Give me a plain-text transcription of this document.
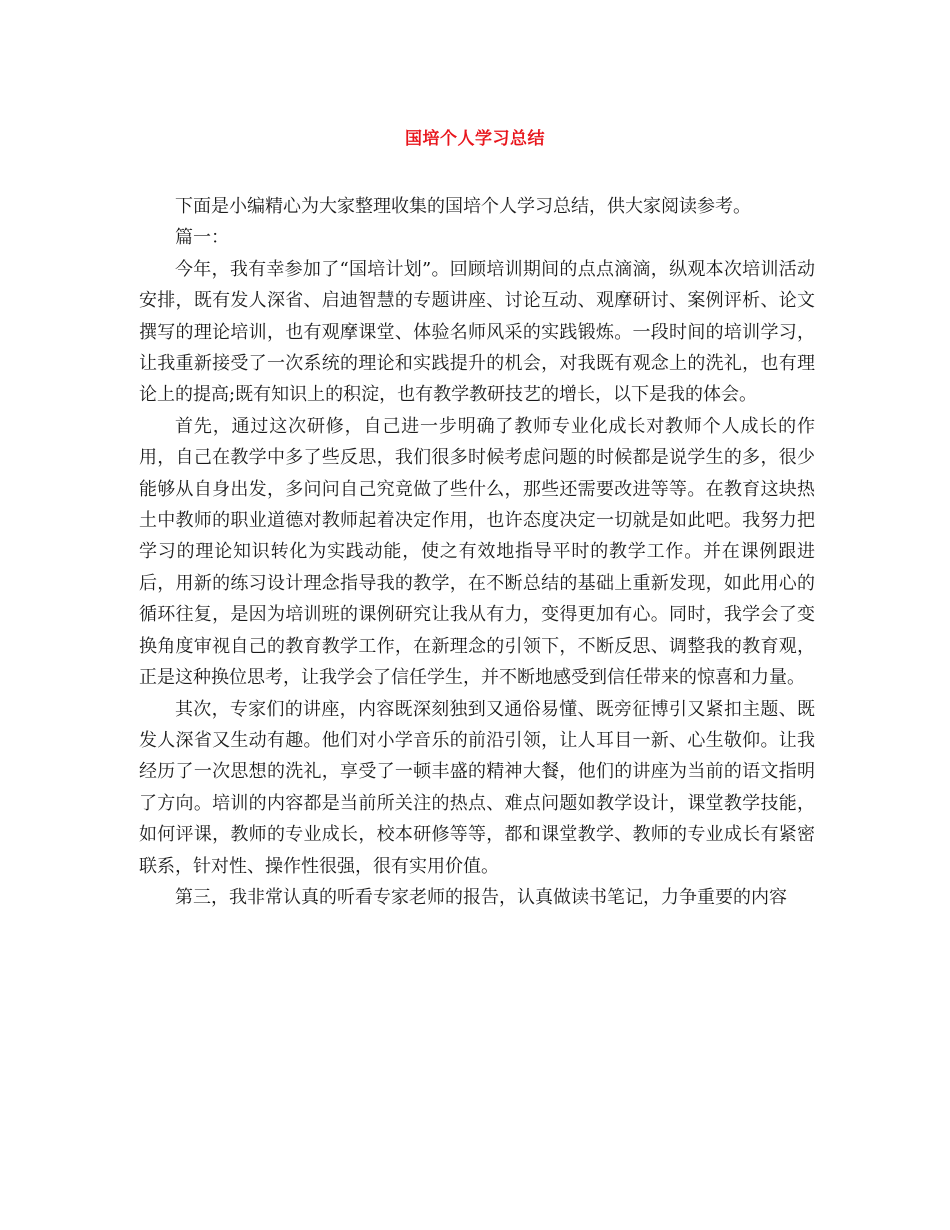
国培个人学习总结

下面是小编精心为大家整理收集的国培个人学习总结，供大家阅读参考。

篇一：

今年，我有幸参加了“国培计划”。回顾培训期间的点点滴滴，纵观本次培训活动安排，既有发人深省、启迪智慧的专题讲座、讨论互动、观摩研讨、案例评析、论文撰写的理论培训，也有观摩课堂、体验名师风采的实践锻炼。一段时间的培训学习，让我重新接受了一次系统的理论和实践提升的机会，对我既有观念上的洗礼，也有理论上的提高;既有知识上的积淀，也有教学教研技艺的增长，以下是我的体会。

首先，通过这次研修，自己进一步明确了教师专业化成长对教师个人成长的作用，自己在教学中多了些反思，我们很多时候考虑问题的时候都是说学生的多，很少能够从自身出发，多问问自己究竟做了些什么，那些还需要改进等等。在教育这块热土中教师的职业道德对教师起着决定作用，也许态度决定一切就是如此吧。我努力把学习的理论知识转化为实践动能，使之有效地指导平时的教学工作。并在课例跟进后，用新的练习设计理念指导我的教学，在不断总结的基础上重新发现，如此用心的循环往复，是因为培训班的课例研究让我从有力，变得更加有心。同时，我学会了变换角度审视自己的教育教学工作，在新理念的引领下，不断反思、调整我的教育观，正是这种换位思考，让我学会了信任学生，并不断地感受到信任带来的惊喜和力量。

其次，专家们的讲座，内容既深刻独到又通俗易懂、既旁征博引又紧扣主题、既发人深省又生动有趣。他们对小学音乐的前沿引领，让人耳目一新、心生敬仰。让我经历了一次思想的洗礼，享受了一顿丰盛的精神大餐，他们的讲座为当前的语文指明了方向。培训的内容都是当前所关注的热点、难点问题如教学设计，课堂教学技能，如何评课，教师的专业成长，校本研修等等，都和课堂教学、教师的专业成长有紧密联系，针对性、操作性很强，很有实用价值。

第三，我非常认真的听看专家老师的报告，认真做读书笔记，力争重要的内容
